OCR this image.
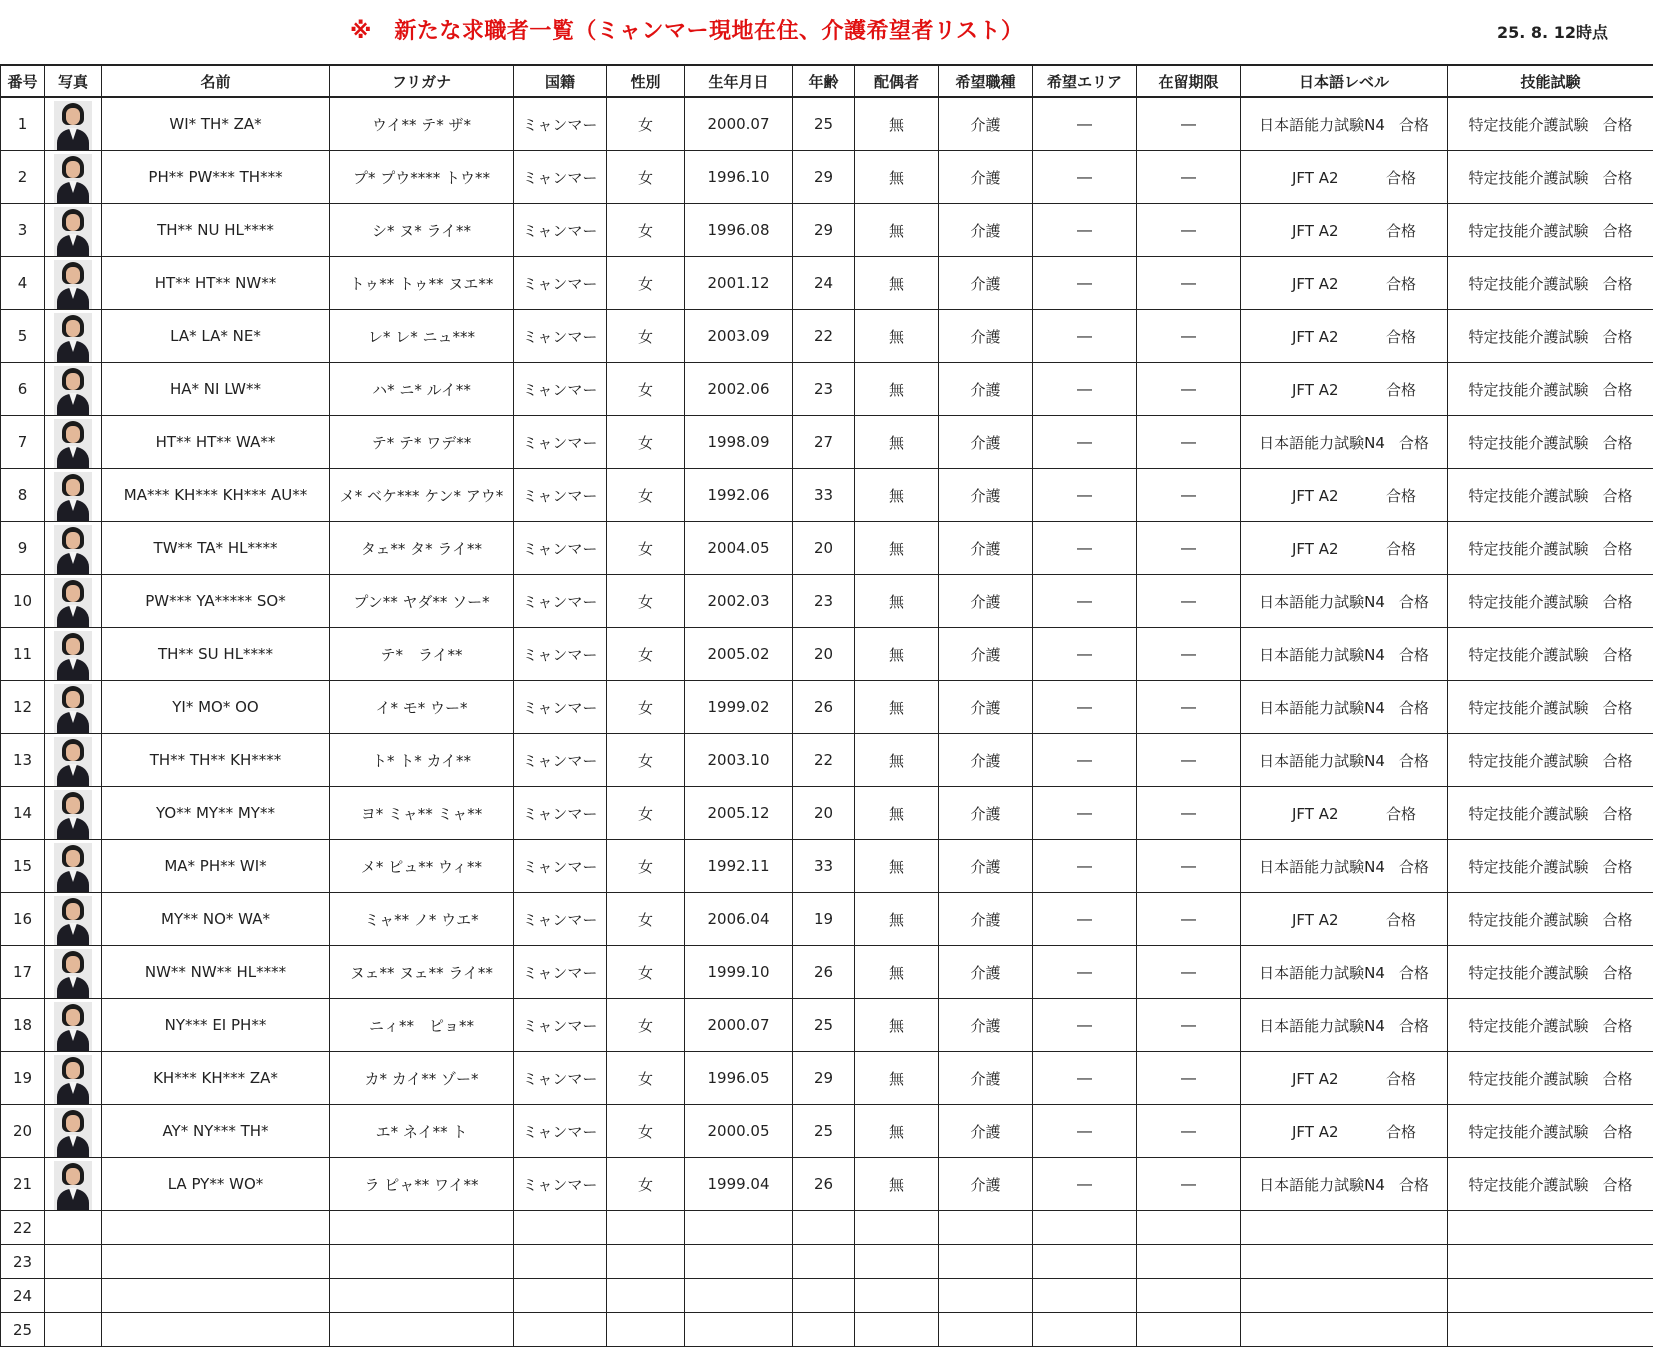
※　新たな求職者一覧（ミャンマー現地在住、介護希望者リスト）	25. 8. 12時点
番号	写真	名前	フリガナ	国籍	性別	生年月日	年齢	配偶者	希望職種	希望エリア	在留期限	日本語レベル	技能試験
1		WI* TH* ZA*	ウイ** テ* ザ*	ミャンマー	女	2000.07	25	無	介護	―	―	日本語能力試験N4 合格	特定技能介護試験 合格
2		PH** PW*** TH***	プ* プウ**** トウ**	ミャンマー	女	1996.10	29	無	介護	―	―	JFT A2 合格	特定技能介護試験 合格
3		TH** NU HL****	シ* ヌ* ライ**	ミャンマー	女	1996.08	29	無	介護	―	―	JFT A2 合格	特定技能介護試験 合格
4		HT** HT** NW**	トゥ** トゥ** ヌエ**	ミャンマー	女	2001.12	24	無	介護	―	―	JFT A2 合格	特定技能介護試験 合格
5		LA* LA* NE*	レ* レ* ニュ***	ミャンマー	女	2003.09	22	無	介護	―	―	JFT A2 合格	特定技能介護試験 合格
6		HA* NI LW**	ハ* ニ* ルイ**	ミャンマー	女	2002.06	23	無	介護	―	―	JFT A2 合格	特定技能介護試験 合格
7		HT** HT** WA**	テ* テ* ワデ**	ミャンマー	女	1998.09	27	無	介護	―	―	日本語能力試験N4 合格	特定技能介護試験 合格
8		MA*** KH*** KH*** AU**	メ* ベケ*** ケン* アウ*	ミャンマー	女	1992.06	33	無	介護	―	―	JFT A2 合格	特定技能介護試験 合格
9		TW** TA* HL****	タェ** タ* ライ**	ミャンマー	女	2004.05	20	無	介護	―	―	JFT A2 合格	特定技能介護試験 合格
10		PW*** YA***** SO*	プン** ヤダ** ソー*	ミャンマー	女	2002.03	23	無	介護	―	―	日本語能力試験N4 合格	特定技能介護試験 合格
11		TH** SU HL****	テ*　ライ**	ミャンマー	女	2005.02	20	無	介護	―	―	日本語能力試験N4 合格	特定技能介護試験 合格
12		YI* MO* OO	イ* モ* ウー*	ミャンマー	女	1999.02	26	無	介護	―	―	日本語能力試験N4 合格	特定技能介護試験 合格
13		TH** TH** KH****	ト* ト* カイ**	ミャンマー	女	2003.10	22	無	介護	―	―	日本語能力試験N4 合格	特定技能介護試験 合格
14		YO** MY** MY**	ヨ* ミャ** ミャ**	ミャンマー	女	2005.12	20	無	介護	―	―	JFT A2 合格	特定技能介護試験 合格
15		MA* PH** WI*	メ* ピュ** ウィ**	ミャンマー	女	1992.11	33	無	介護	―	―	日本語能力試験N4 合格	特定技能介護試験 合格
16		MY** NO* WA*	ミャ** ノ* ウエ*	ミャンマー	女	2006.04	19	無	介護	―	―	JFT A2 合格	特定技能介護試験 合格
17		NW** NW** HL****	ヌェ** ヌェ** ライ**	ミャンマー	女	1999.10	26	無	介護	―	―	日本語能力試験N4 合格	特定技能介護試験 合格
18		NY*** EI PH**	ニィ**　ピョ**	ミャンマー	女	2000.07	25	無	介護	―	―	日本語能力試験N4 合格	特定技能介護試験 合格
19		KH*** KH*** ZA*	カ* カイ** ゾー*	ミャンマー	女	1996.05	29	無	介護	―	―	JFT A2 合格	特定技能介護試験 合格
20		AY* NY*** TH*	エ* ネイ** ト	ミャンマー	女	2000.05	25	無	介護	―	―	JFT A2 合格	特定技能介護試験 合格
21		LA PY** WO*	ラ ピャ** ワイ**	ミャンマー	女	1999.04	26	無	介護	―	―	日本語能力試験N4 合格	特定技能介護試験 合格
22													
23													
24													
25													
